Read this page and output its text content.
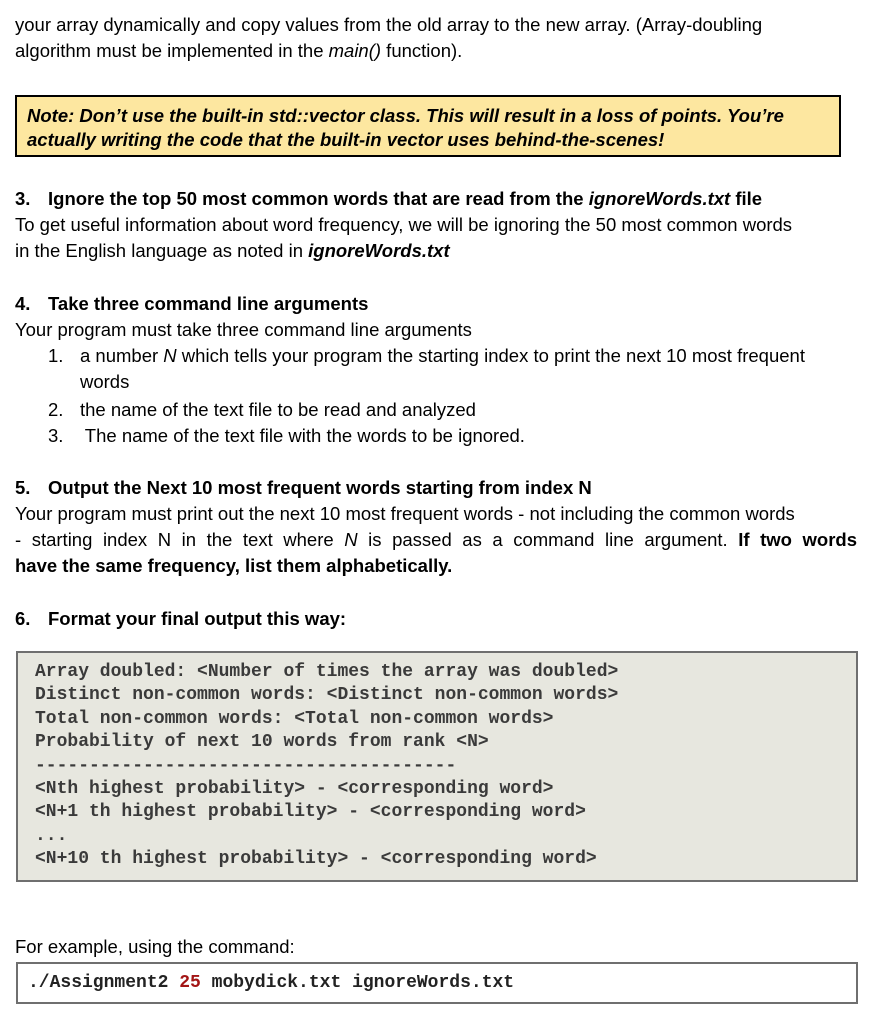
your array dynamically and copy values from the old array to the new array. (Array-doubling

algorithm must be implemented in the main() function).

Note: Don’t use the built-in std::vector class. This will result in a loss of points. You’re
actually writing the code that the built-in vector uses behind-the-scenes!
3. Ignore the top 50 most common words that are read from the ignoreWords.txt file

To get useful information about word frequency, we will be ignoring the 50 most common words

in the English language as noted in ignoreWords.txt

4. Take three command line arguments

Your program must take three command line arguments

1. a number N which tells your program the starting index to print the next 10 most frequent
words
2. the name of the text file to be read and analyzed
3. The name of the text file with the words to be ignored.
5. Output the Next 10 most frequent words starting from index N

Your program must print out the next 10 most frequent words - not including the common words

- starting index N in the text where N is passed as a command line argument. If two words

have the same frequency, list them alphabetically.

6. Format your final output this way:
Array doubled: <Number of times the array was doubled>
Distinct non-common words: <Distinct non-common words>
Total non-common words: <Total non-common words>
Probability of next 10 words from rank <N>
---------------------------------------
<Nth highest probability> - <corresponding word>
<N+1 th highest probability> - <corresponding word>
...
<N+10 th highest probability> - <corresponding word>
For example, using the command:
./Assignment2 25 mobydick.txt ignoreWords.txt
